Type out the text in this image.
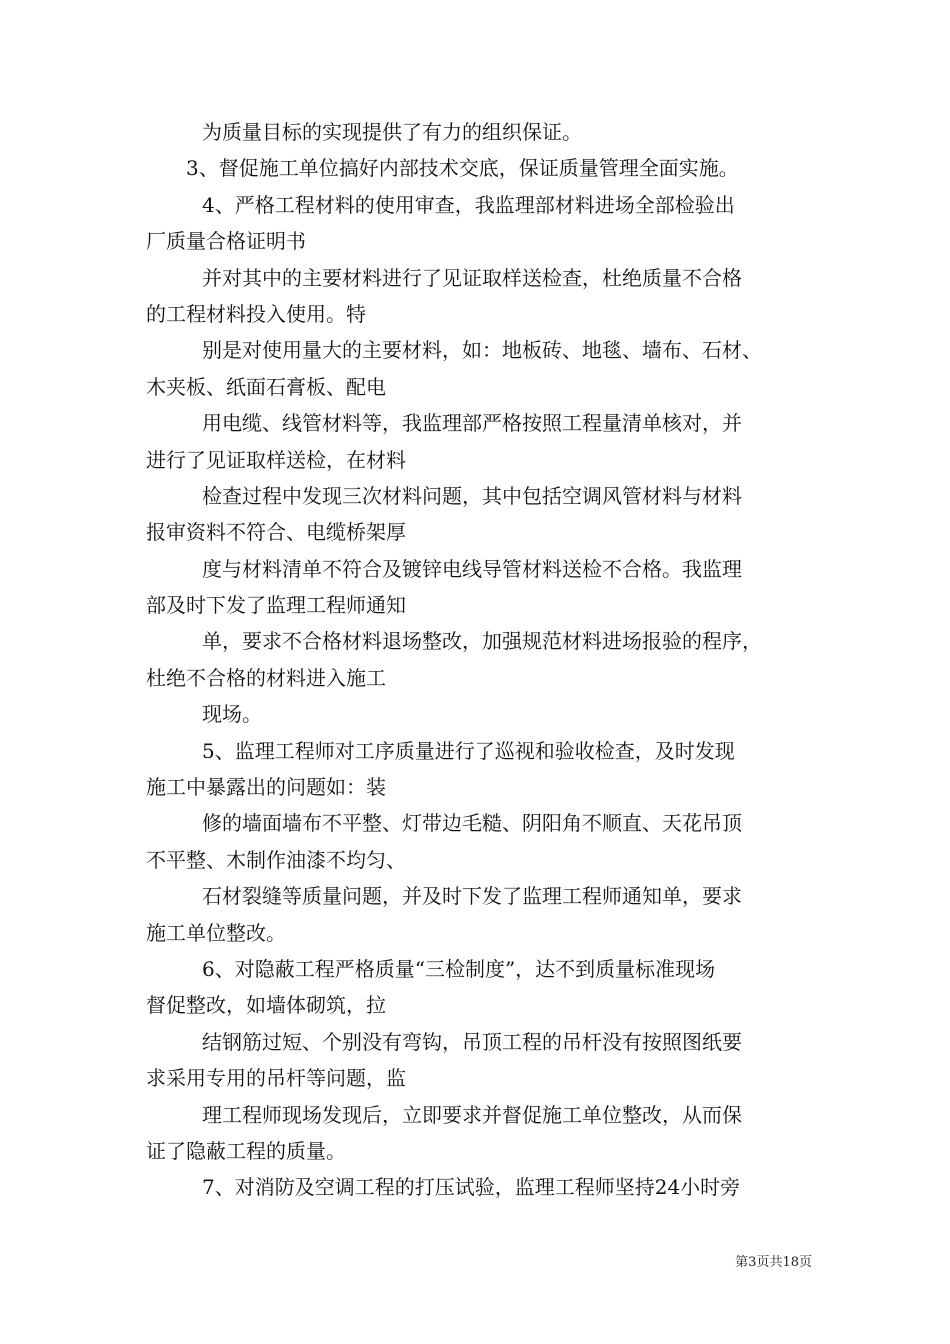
为质量目标的实现提供了有力的组织保证。
3、督促施工单位搞好内部技术交底，保证质量管理全面实施。
4、严格工程材料的使用审查，我监理部材料进场全部检验出
厂质量合格证明书
并对其中的主要材料进行了见证取样送检查，杜绝质量不合格
的工程材料投入使用。特
别是对使用量大的主要材料，如：地板砖、地毯、墙布、石材、
木夹板、纸面石膏板、配电
用电缆、线管材料等，我监理部严格按照工程量清单核对，并
进行了见证取样送检，在材料
检查过程中发现三次材料问题，其中包括空调风管材料与材料
报审资料不符合、电缆桥架厚
度与材料清单不符合及镀锌电线导管材料送检不合格。我监理
部及时下发了监理工程师通知
单，要求不合格材料退场整改，加强规范材料进场报验的程序，
杜绝不合格的材料进入施工
现场。
5、监理工程师对工序质量进行了巡视和验收检查，及时发现
施工中暴露出的问题如：装
修的墙面墙布不平整、灯带边毛糙、阴阳角不顺直、天花吊顶
不平整、木制作油漆不均匀、
石材裂缝等质量问题，并及时下发了监理工程师通知单，要求
施工单位整改。
6、对隐蔽工程严格质量“三检制度”，达不到质量标准现场
督促整改，如墙体砌筑，拉
结钢筋过短、个别没有弯钩，吊顶工程的吊杆没有按照图纸要
求采用专用的吊杆等问题，监
理工程师现场发现后，立即要求并督促施工单位整改，从而保
证了隐蔽工程的质量。
7、对消防及空调工程的打压试验，监理工程师坚持24小时旁
第3页共18页
